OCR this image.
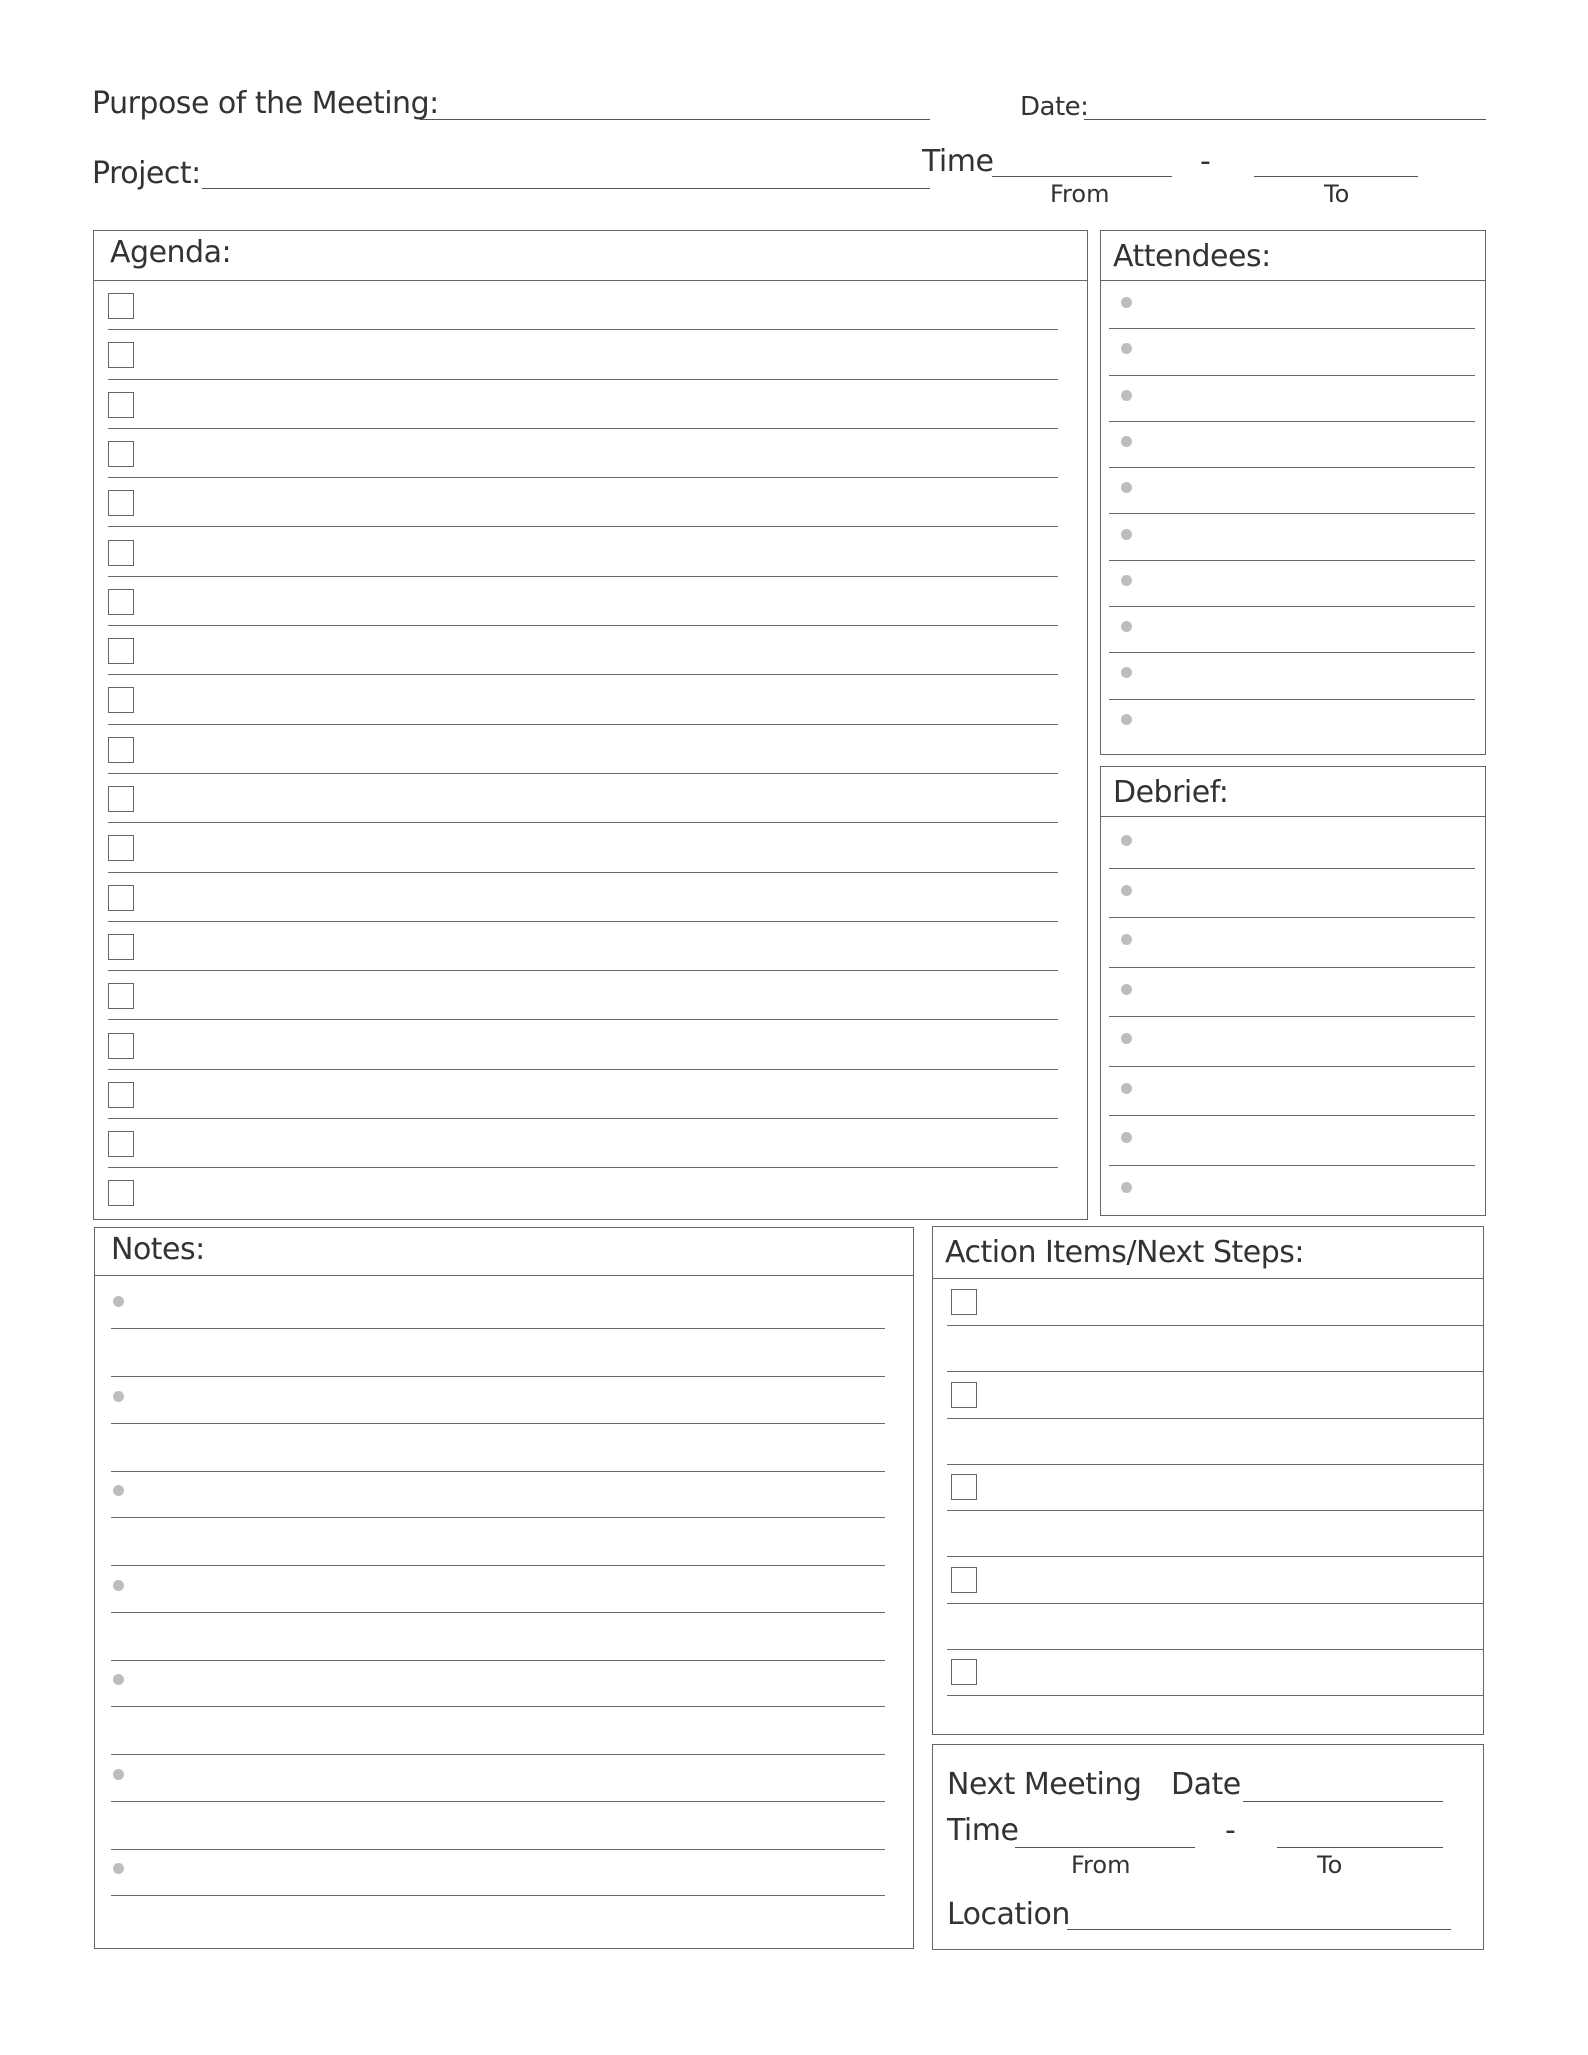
Purpose of the Meeting:	Date:
Project:	Time	-
From	To
Agenda:	Attendees:
Debrief:
Notes:	Action Items/Next Steps:
Next Meeting Date
Time	-
From	To
Location
